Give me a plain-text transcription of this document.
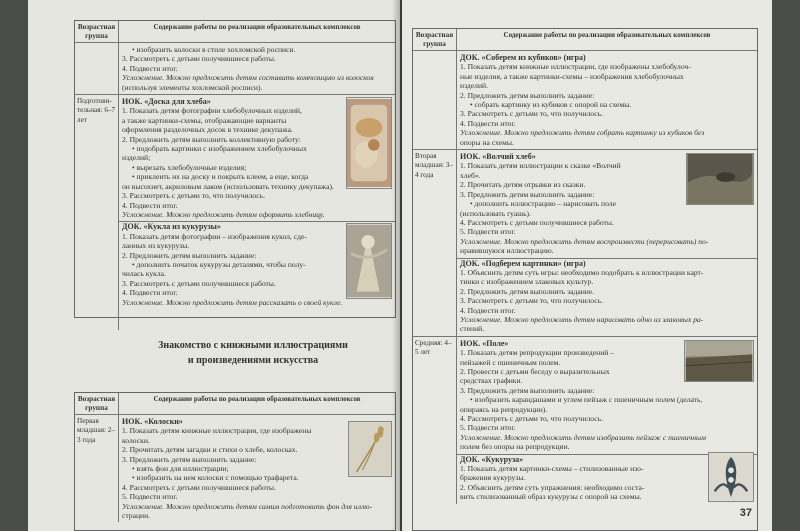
Возрастная группа
Содержание работы по реализации образовательных комплексов
• изобразить колоски в стиле хохломской росписи.
3. Рассмотреть с детьми получившиеся работы.
4. Подвести итог.
Усложнение. Можно предложить детям составить композицию из колосков
(используя элементы хохломской росписи).
Подготови-тельная: 6–7 лет
ИОК. «Доска для хлеба»
1. Показать детям фотографии хлебобулочных изделий,
а также картинки-схемы, отображающие варианты
оформления разделочных досок в технике декупажа.
2. Предложить детям выполнить коллективную работу:
• подобрать картинки с изображением хлебобулочных
изделий;
• вырезать хлебобулочные изделия;
• приклеить их на доску и покрыть клеем, а еще, когда
он высохнет, акриловым лаком (использовать технику декупажа).
3. Рассмотреть с детьми то, что получилось.
4. Подвести итог.
Усложнение. Можно предложить детям оформить хлебницу.
ДОК. «Кукла из кукурузы»
1. Показать детям фотографии – изображения кукол, сде-
ланных из кукурузы.
2. Предложить детям выполнить задание:
• дополнить початок кукурузы деталями, чтобы полу-
чилась кукла.
3. Рассмотреть с детьми получившиеся работы.
4. Подвести итог.
Усложнение. Можно предложить детям рассказать о своей кукле.
Знакомство с книжными иллюстрациями
и произведениями искусства
Возрастная группа
Содержание работы по реализации образовательных комплексов
Первая младшая: 2–3 года
ИОК. «Колоски»
1. Показать детям книжные иллюстрации, где изображены
колоски.
2. Прочитать детям загадки и стихи о хлебе, колосках.
3. Предложить детям выполнить задание:
• взять фон для иллюстрации;
• изобразить на нем колоски с помощью трафарета.
4. Рассмотреть с детьми получившиеся работы.
5. Подвести итог.
Усложнение. Можно предложить детям самим подготовить фон для иллю-
страции.
Возрастная группа
Содержание работы по реализации образовательных комплексов
ДОК. «Соберем из кубиков» (игра)
1. Показать детям книжные иллюстрации, где изображены хлебобулоч-
ные изделия, а также картинки-схемы – изображения хлебобулочных
изделий.
2. Предложить детям выполнить задание:
• собрать картинку из кубиков с опорой на схемы.
3. Рассмотреть с детьми то, что получилось.
4. Подвести итог.
Усложнение. Можно предложить детям собрать картинку из кубиков без
опоры на схемы.
Вторая младшая: 3–4 года
ИОК. «Волчий хлеб»
1. Показать детям иллюстрации к сказке «Волчий
хлеб».
2. Прочитать детям отрывки из сказки.
3. Предложить детям выполнить задание:
• дополнить иллюстрацию – нарисовать поле
(использовать гуашь).
4. Рассмотреть с детьми получившиеся работы.
5. Подвести итог.
Усложнение. Можно предложить детям воспроизвести (перерисовать) по-
нравившуюся иллюстрацию.
ДОК. «Подберем картинки» (игра)
1. Объяснить детям суть игры: необходимо подобрать к иллюстрации карт-
тинки с изображением злаковых культур.
2. Предложить детям выполнить задание.
3. Рассмотреть с детьми то, что получилось.
4. Подвести итог.
Усложнение. Можно предложить детям нарисовать одно из злаковых ра-
стений.
Средняя: 4–5 лет
ИОК. «Поле»
1. Показать детям репродукции произведений –
пейзажей с пшеничным полем.
2. Провести с детьми беседу о выразительных
средствах графики.
3. Предложить детям выполнить задание:
• изобразить карандашами и углем пейзаж с пшеничным полем (делать,
опираясь на репродукции).
4. Рассмотреть с детьми то, что получилось.
5. Подвести итог.
Усложнение. Можно предложить детям изобразить пейзаж с пшеничным
полем без опоры на репродукции.
ДОК. «Кукуруза»
1. Показать детям картинки-схемы – стилизованные изо-
бражения кукурузы.
2. Объяснить детям суть упражнения: необходимо соста-
вить стилизованный образ кукурузы с опорой на схемы.
37
